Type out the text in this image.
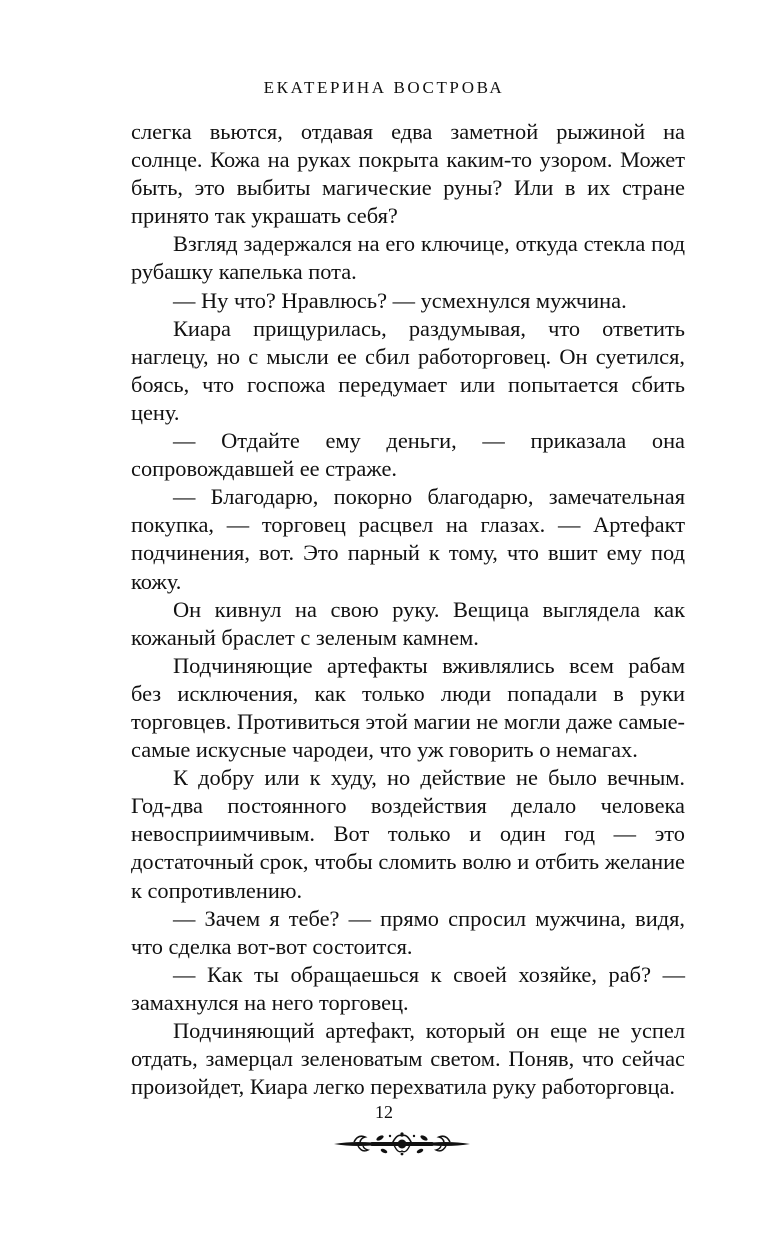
ЕКАТЕРИНА ВОСТРОВА

слегка вьются, отдавая едва заметной рыжиной на солнце. Кожа на руках покрыта каким-то узором. Может быть, это выбиты магические руны? Или в их стране принято так украшать себя?

Взгляд задержался на его ключице, откуда стекла под рубашку капелька пота.

— Ну что? Нравлюсь? — усмехнулся мужчина.

Киара прищурилась, раздумывая, что ответить наглецу, но с мысли ее сбил работорговец. Он суетился, боясь, что госпожа передумает или попытается сбить цену.

— Отдайте ему деньги, — приказала она сопровождавшей ее страже.

— Благодарю, покорно благодарю, замечательная покупка, — торговец расцвел на глазах. — Артефакт подчинения, вот. Это парный к тому, что вшит ему под кожу.

Он кивнул на свою руку. Вещица выглядела как кожаный браслет с зеленым камнем.

Подчиняющие артефакты вживлялись всем рабам без исключения, как только люди попадали в руки торговцев. Противиться этой магии не могли даже самые-самые искусные чародеи, что уж говорить о немагах.

К добру или к худу, но действие не было вечным. Год-два постоянного воздействия делало человека невосприимчивым. Вот только и один год — это достаточный срок, чтобы сломить волю и отбить желание к сопротивлению.

— Зачем я тебе? — прямо спросил мужчина, видя, что сделка вот-вот состоится.

— Как ты обращаешься к своей хозяйке, раб? — замахнулся на него торговец.

Подчиняющий артефакт, который он еще не успел отдать, замерцал зеленоватым светом. Поняв, что сейчас произойдет, Киара легко перехватила руку работорговца.

12
